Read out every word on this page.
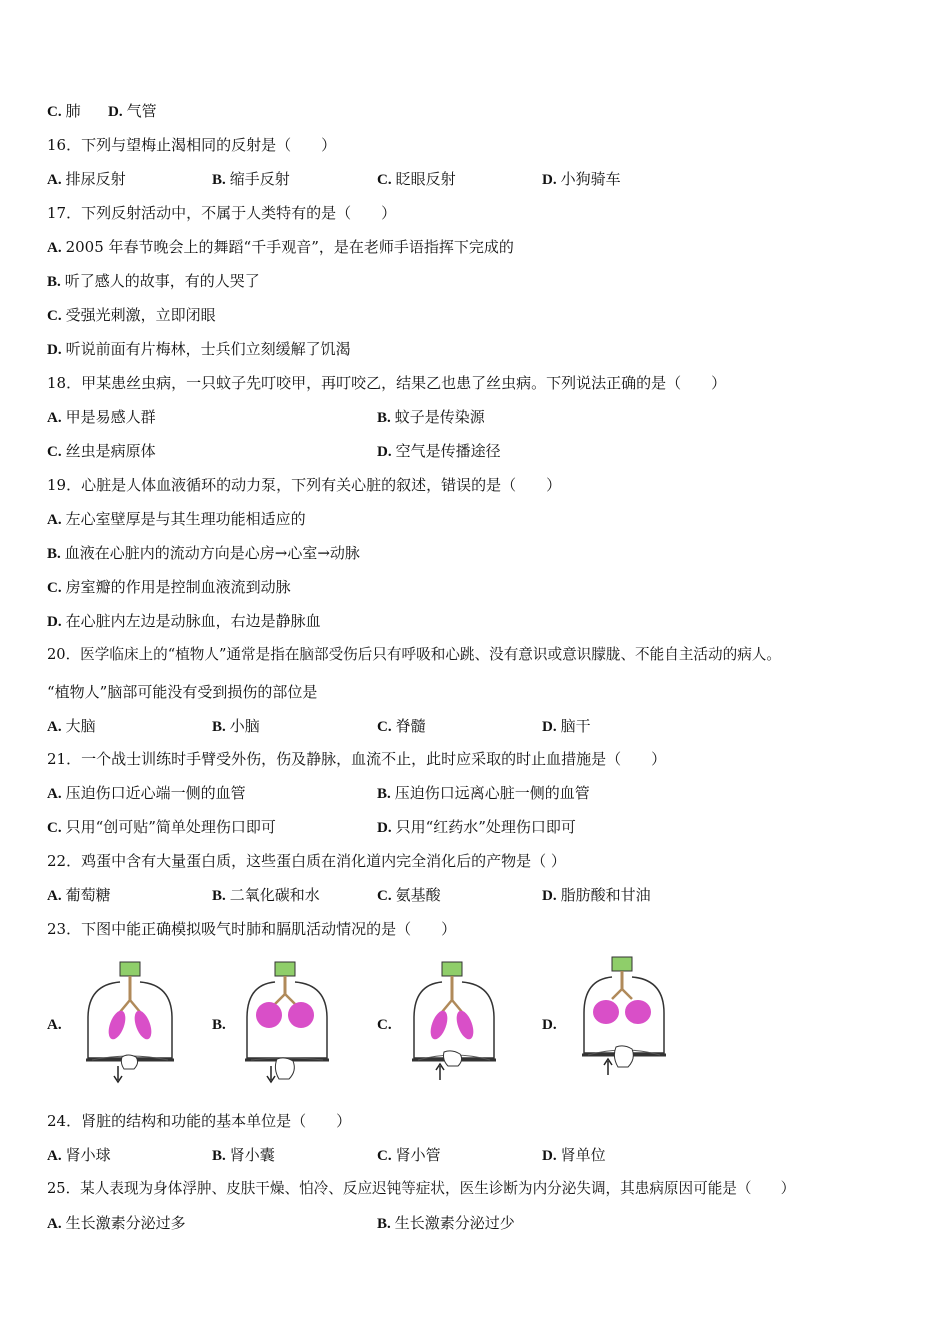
C. 肺 D. 气管
16．下列与望梅止渴相同的反射是（　　）
A. 排尿反射	B. 缩手反射	C. 眨眼反射	D. 小狗骑车
17．下列反射活动中，不属于人类特有的是（　　）
A. 2005 年春节晚会上的舞蹈“千手观音”，是在老师手语指挥下完成的
B. 听了感人的故事，有的人哭了
C. 受强光刺激，立即闭眼
D. 听说前面有片梅林，士兵们立刻缓解了饥渴
18．甲某患丝虫病，一只蚊子先叮咬甲，再叮咬乙，结果乙也患了丝虫病。下列说法正确的是（　　）
A. 甲是易感人群	B. 蚊子是传染源
C. 丝虫是病原体	D. 空气是传播途径
19．心脏是人体血液循环的动力泵，下列有关心脏的叙述，错误的是（　　）
A. 左心室壁厚是与其生理功能相适应的
B. 血液在心脏内的流动方向是心房→心室→动脉
C. 房室瓣的作用是控制血液流到动脉
D. 在心脏内左边是动脉血，右边是静脉血
20．医学临床上的“植物人”通常是指在脑部受伤后只有呼吸和心跳、没有意识或意识朦胧、不能自主活动的病人。
“植物人”脑部可能没有受到损伤的部位是
A. 大脑	B. 小脑	C. 脊髓	D. 脑干
21．一个战士训练时手臂受外伤，伤及静脉，血流不止，此时应采取的时止血措施是（　　）
A. 压迫伤口近心端一侧的血管	B. 压迫伤口远离心脏一侧的血管
C. 只用“创可贴”简单处理伤口即可	D. 只用“红药水”处理伤口即可
22．鸡蛋中含有大量蛋白质，这些蛋白质在消化道内完全消化后的产物是（ ）
A. 葡萄糖	B. 二氧化碳和水	C. 氨基酸	D. 脂肪酸和甘油
23．下图中能正确模拟吸气时肺和膈肌活动情况的是（　　）
A.	B.	C.	D.
24．肾脏的结构和功能的基本单位是（　　）
A. 肾小球	B. 肾小囊	C. 肾小管	D. 肾单位
25．某人表现为身体浮肿、皮肤干燥、怕冷、反应迟钝等症状，医生诊断为内分泌失调，其患病原因可能是（　　）
A. 生长激素分泌过多	B. 生长激素分泌过少
